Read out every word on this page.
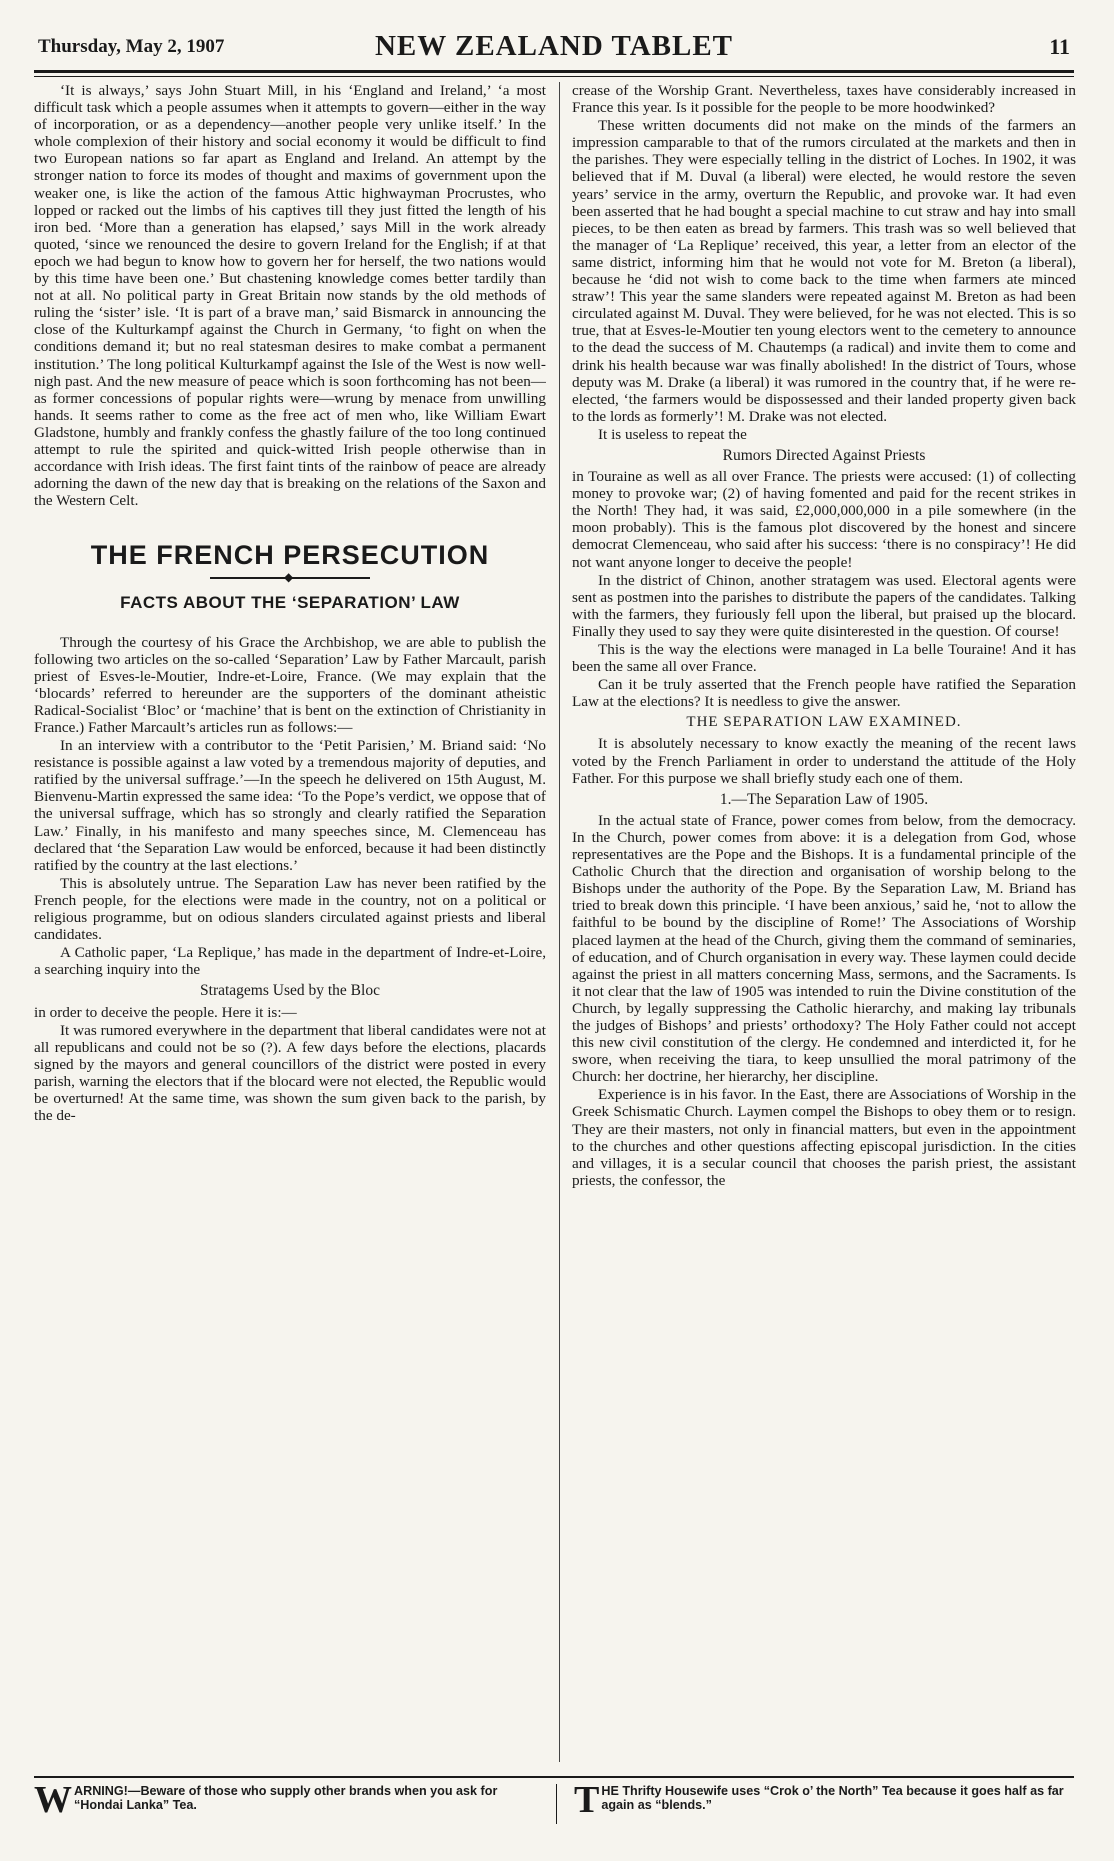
Thursday, May 2, 1907	NEW ZEALAND TABLET	11

‘It is always,’ says John Stuart Mill, in his ‘England and Ireland,’ ‘a most difficult task which a people assumes when it attempts to govern—either in the way of incorporation, or as a dependency—another people very unlike itself.’ In the whole complexion of their history and social economy it would be difficult to find two European nations so far apart as England and Ireland. An attempt by the stronger nation to force its modes of thought and maxims of government upon the weaker one, is like the action of the famous Attic highwayman Procrustes, who lopped or racked out the limbs of his captives till they just fitted the length of his iron bed. ‘More than a generation has elapsed,’ says Mill in the work already quoted, ‘since we renounced the desire to govern Ireland for the English; if at that epoch we had begun to know how to govern her for herself, the two nations would by this time have been one.’ But chastening knowledge comes better tardily than not at all. No political party in Great Britain now stands by the old methods of ruling the ‘sister’ isle. ‘It is part of a brave man,’ said Bismarck in announcing the close of the Kulturkampf against the Church in Germany, ‘to fight on when the conditions demand it; but no real statesman desires to make combat a permanent institution.’ The long political Kulturkampf against the Isle of the West is now well-nigh past. And the new measure of peace which is soon forthcoming has not been—as former concessions of popular rights were—wrung by menace from unwilling hands. It seems rather to come as the free act of men who, like William Ewart Gladstone, humbly and frankly confess the ghastly failure of the too long continued attempt to rule the spirited and quick-witted Irish people otherwise than in accordance with Irish ideas. The first faint tints of the rainbow of peace are already adorning the dawn of the new day that is breaking on the relations of the Saxon and the Western Celt.

THE FRENCH PERSECUTION
◆
FACTS ABOUT THE ‘SEPARATION’ LAW

Through the courtesy of his Grace the Archbishop, we are able to publish the following two articles on the so-called ‘Separation’ Law by Father Marcault, parish priest of Esves-le-Moutier, Indre-et-Loire, France. (We may explain that the ‘blocards’ referred to hereunder are the supporters of the dominant atheistic Radical-Socialist ‘Bloc’ or ‘machine’ that is bent on the extinction of Christianity in France.) Father Marcault’s articles run as follows:—

In an interview with a contributor to the ‘Petit Parisien,’ M. Briand said: ‘No resistance is possible against a law voted by a tremendous majority of deputies, and ratified by the universal suffrage.’—In the speech he delivered on 15th August, M. Bienvenu-Martin expressed the same idea: ‘To the Pope’s verdict, we oppose that of the universal suffrage, which has so strongly and clearly ratified the Separation Law.’ Finally, in his manifesto and many speeches since, M. Clemenceau has declared that ‘the Separation Law would be enforced, because it had been distinctly ratified by the country at the last elections.’

This is absolutely untrue. The Separation Law has never been ratified by the French people, for the elections were made in the country, not on a political or religious programme, but on odious slanders circulated against priests and liberal candidates.

A Catholic paper, ‘La Replique,’ has made in the department of Indre-et-Loire, a searching inquiry into the

Stratagems Used by the Bloc

in order to deceive the people. Here it is:—

It was rumored everywhere in the department that liberal candidates were not at all republicans and could not be so (?). A few days before the elections, placards signed by the mayors and general councillors of the district were posted in every parish, warning the electors that if the blocard were not elected, the Republic would be overturned! At the same time, was shown the sum given back to the parish, by the de-

crease of the Worship Grant. Nevertheless, taxes have considerably increased in France this year. Is it possible for the people to be more hoodwinked?

These written documents did not make on the minds of the farmers an impression camparable to that of the rumors circulated at the markets and then in the parishes. They were especially telling in the district of Loches. In 1902, it was believed that if M. Duval (a liberal) were elected, he would restore the seven years’ service in the army, overturn the Republic, and provoke war. It had even been asserted that he had bought a special machine to cut straw and hay into small pieces, to be then eaten as bread by farmers. This trash was so well believed that the manager of ‘La Replique’ received, this year, a letter from an elector of the same district, informing him that he would not vote for M. Breton (a liberal), because he ‘did not wish to come back to the time when farmers ate minced straw’! This year the same slanders were repeated against M. Breton as had been circulated against M. Duval. They were believed, for he was not elected. This is so true, that at Esves-le-Moutier ten young electors went to the cemetery to announce to the dead the success of M. Chautemps (a radical) and invite them to come and drink his health because war was finally abolished! In the district of Tours, whose deputy was M. Drake (a liberal) it was rumored in the country that, if he were re-elected, ‘the farmers would be dispossessed and their landed property given back to the lords as formerly’! M. Drake was not elected.

It is useless to repeat the

Rumors Directed Against Priests

in Touraine as well as all over France. The priests were accused: (1) of collecting money to provoke war; (2) of having fomented and paid for the recent strikes in the North! They had, it was said, £2,000,000,000 in a pile somewhere (in the moon probably). This is the famous plot discovered by the honest and sincere democrat Clemenceau, who said after his success: ‘there is no conspiracy’! He did not want anyone longer to deceive the people!

In the district of Chinon, another stratagem was used. Electoral agents were sent as postmen into the parishes to distribute the papers of the candidates. Talking with the farmers, they furiously fell upon the liberal, but praised up the blocard. Finally they used to say they were quite disinterested in the question. Of course!

This is the way the elections were managed in La belle Touraine! And it has been the same all over France.

Can it be truly asserted that the French people have ratified the Separation Law at the elections? It is needless to give the answer.

THE SEPARATION LAW EXAMINED.

It is absolutely necessary to know exactly the meaning of the recent laws voted by the French Parliament in order to understand the attitude of the Holy Father. For this purpose we shall briefly study each one of them.

1.—The Separation Law of 1905.

In the actual state of France, power comes from below, from the democracy. In the Church, power comes from above: it is a delegation from God, whose representatives are the Pope and the Bishops. It is a fundamental principle of the Catholic Church that the direction and organisation of worship belong to the Bishops under the authority of the Pope. By the Separation Law, M. Briand has tried to break down this principle. ‘I have been anxious,’ said he, ‘not to allow the faithful to be bound by the discipline of Rome!’ The Associations of Worship placed laymen at the head of the Church, giving them the command of seminaries, of education, and of Church organisation in every way. These laymen could decide against the priest in all matters concerning Mass, sermons, and the Sacraments. Is it not clear that the law of 1905 was intended to ruin the Divine constitution of the Church, by legally suppressing the Catholic hierarchy, and making lay tribunals the judges of Bishops’ and priests’ orthodoxy? The Holy Father could not accept this new civil constitution of the clergy. He condemned and interdicted it, for he swore, when receiving the tiara, to keep unsullied the moral patrimony of the Church: her doctrine, her hierarchy, her discipline.

Experience is in his favor. In the East, there are Associations of Worship in the Greek Schismatic Church. Laymen compel the Bishops to obey them or to resign. They are their masters, not only in financial matters, but even in the appointment to the churches and other questions affecting episcopal jurisdiction. In the cities and villages, it is a secular council that chooses the parish priest, the assistant priests, the confessor, the

W ARNING!—Beware of those who supply other brands when you ask for “Hondai Lanka” Tea.	T HE Thrifty Housewife uses “Crok o’ the North” Tea because it goes half as far again as “blends.”
